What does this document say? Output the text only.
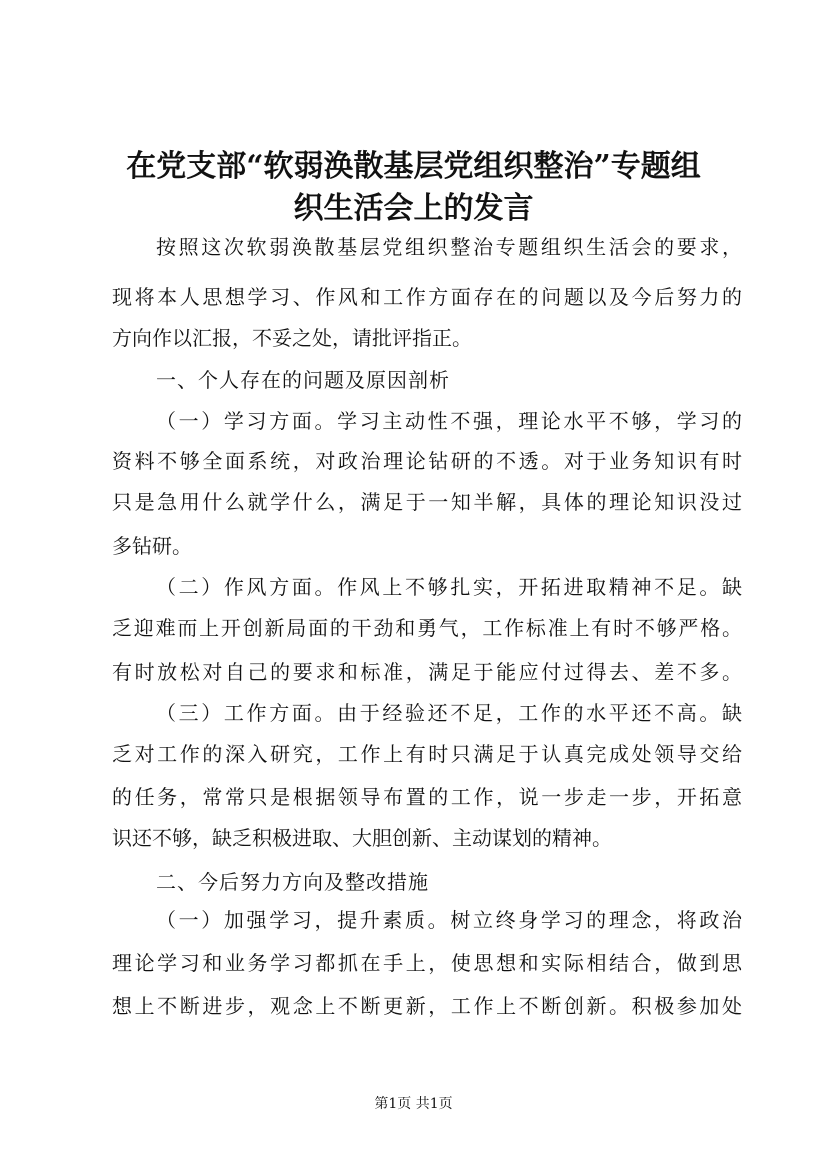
在党支部“软弱涣散基层党组织整治”专题组
织生活会上的发言
按照这次软弱涣散基层党组织整治专题组织生活会的要求，
现将本人思想学习、作风和工作方面存在的问题以及今后努力的
方向作以汇报，不妥之处，请批评指正。
一、个人存在的问题及原因剖析
（一）学习方面。学习主动性不强，理论水平不够，学习的
资料不够全面系统，对政治理论钻研的不透。对于业务知识有时
只是急用什么就学什么，满足于一知半解，具体的理论知识没过
多钻研。
（二）作风方面。作风上不够扎实，开拓进取精神不足。缺
乏迎难而上开创新局面的干劲和勇气，工作标准上有时不够严格。
有时放松对自己的要求和标准，满足于能应付过得去、差不多。
（三）工作方面。由于经验还不足，工作的水平还不高。缺
乏对工作的深入研究，工作上有时只满足于认真完成处领导交给
的任务，常常只是根据领导布置的工作，说一步走一步，开拓意
识还不够，缺乏积极进取、大胆创新、主动谋划的精神。
二、今后努力方向及整改措施
（一）加强学习，提升素质。树立终身学习的理念，将政治
理论学习和业务学习都抓在手上，使思想和实际相结合，做到思
想上不断进步，观念上不断更新，工作上不断创新。积极参加处
第1页 共1页
